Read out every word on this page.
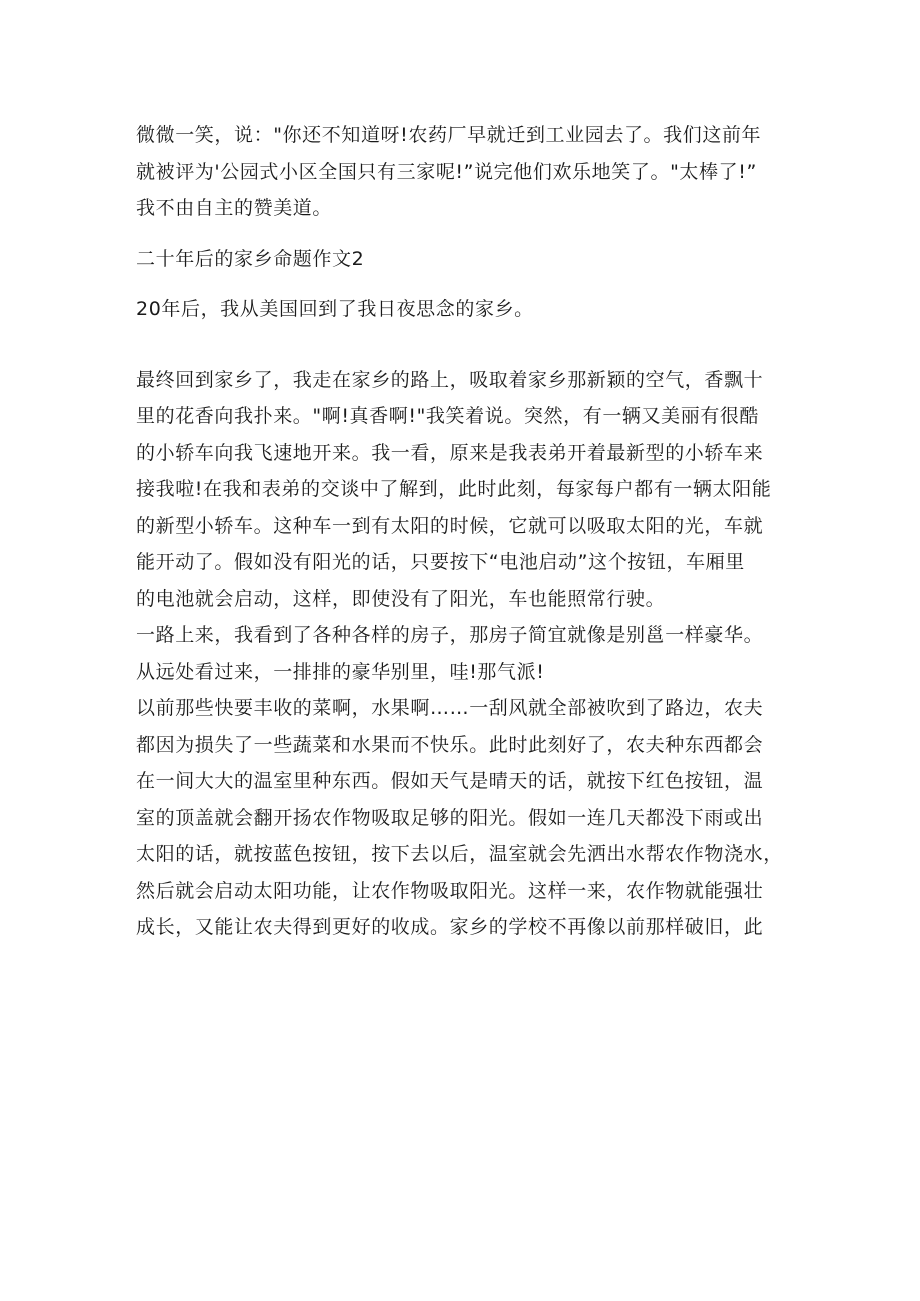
微微一笑，说："你还不知道呀!农药厂早就迁到工业园去了。我们这前年
就被评为'公园式小区全国只有三家呢!”说完他们欢乐地笑了。"太棒了!”
我不由自主的赞美道。

二十年后的家乡命题作文2

20年后，我从美国回到了我日夜思念的家乡。

最终回到家乡了，我走在家乡的路上，吸取着家乡那新颖的空气，香飘十
里的花香向我扑来。"啊!真香啊!"我笑着说。突然，有一辆又美丽有很酷
的小轿车向我飞速地开来。我一看，原来是我表弟开着最新型的小轿车来
接我啦!在我和表弟的交谈中了解到，此时此刻，每家每户都有一辆太阳能
的新型小轿车。这种车一到有太阳的时候，它就可以吸取太阳的光，车就
能开动了。假如没有阳光的话，只要按下“电池启动”这个按钮，车厢里
的电池就会启动，这样，即使没有了阳光，车也能照常行驶。

一路上来，我看到了各种各样的房子，那房子简宜就像是别邕一样豪华。
从远处看过来，一排排的豪华别里，哇!那气派!

以前那些快要丰收的菜啊，水果啊……一刮风就全部被吹到了路边，农夫
都因为损失了一些蔬菜和水果而不快乐。此时此刻好了，农夫种东西都会
在一间大大的温室里种东西。假如天气是晴天的话，就按下红色按钮，温
室的顶盖就会翻开扬农作物吸取足够的阳光。假如一连几天都没下雨或出
太阳的话，就按蓝色按钮，按下去以后，温室就会先洒出水帮农作物浇水，
然后就会启动太阳功能，让农作物吸取阳光。这样一来，农作物就能强壮
成长，又能让农夫得到更好的收成。家乡的学校不再像以前那样破旧，此
